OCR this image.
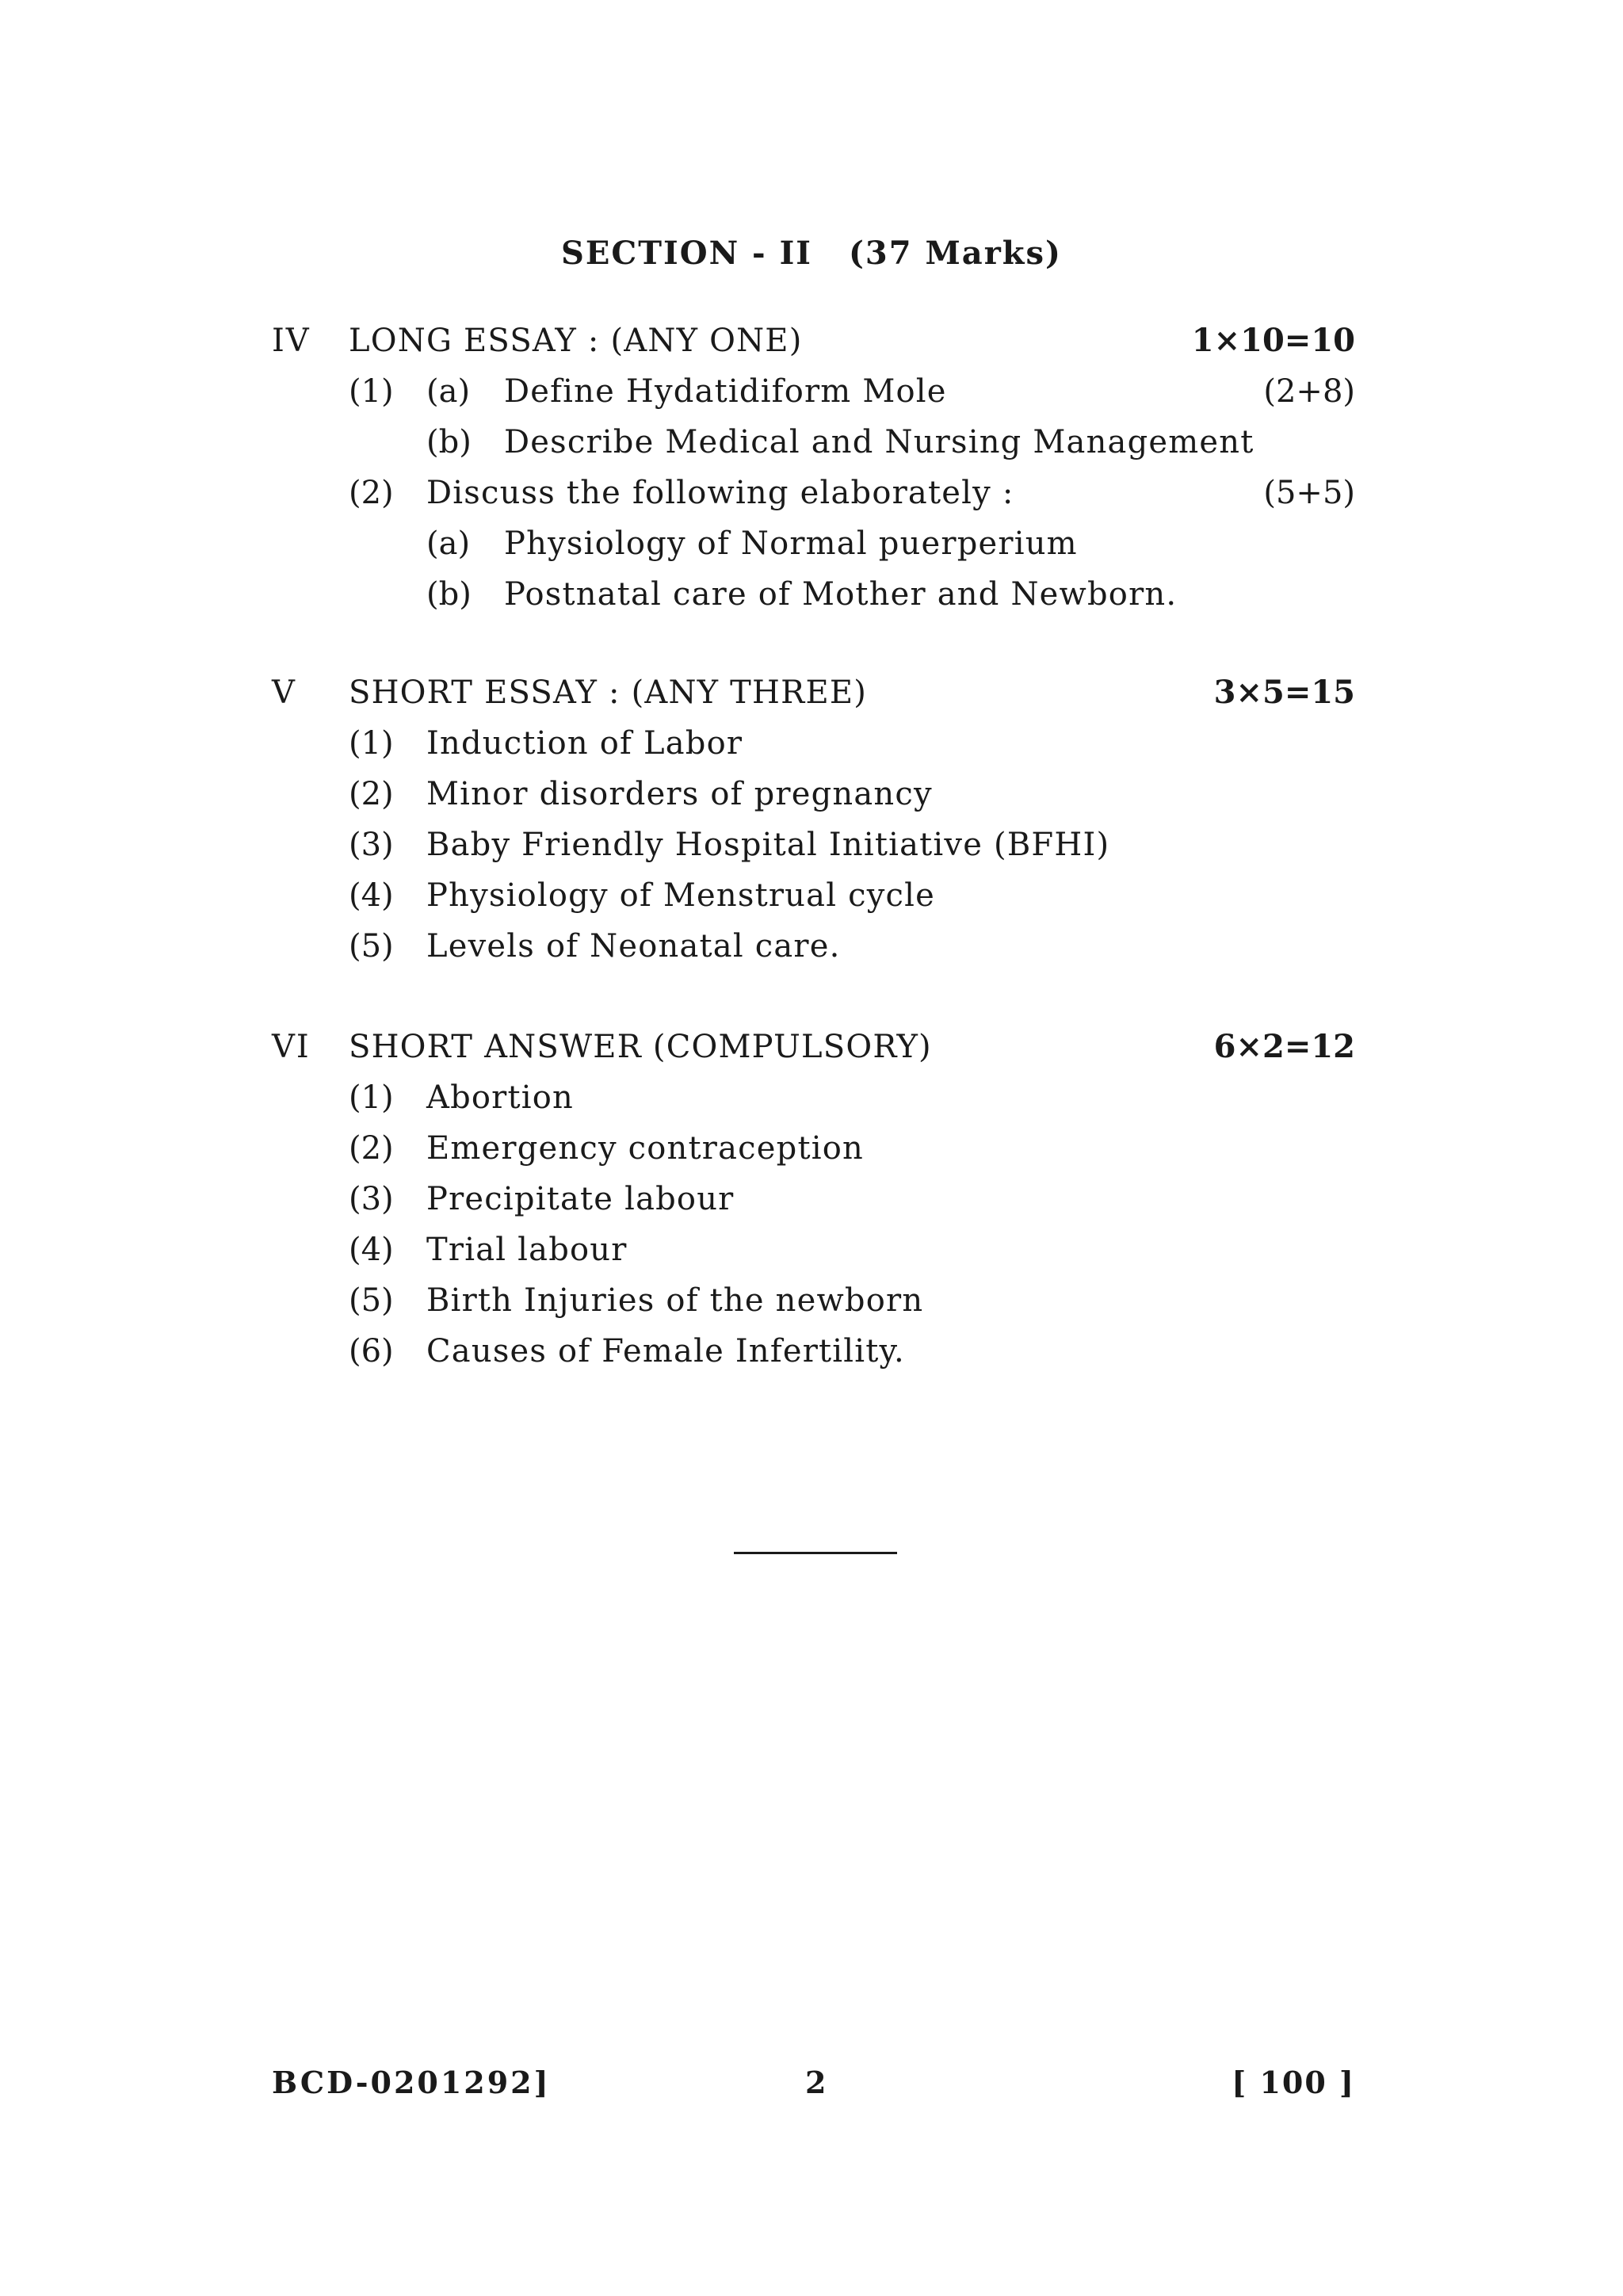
SECTION - II (37 Marks)
IV LONG ESSAY : (ANY ONE)	1×10=10
(1) (a) Define Hydatidiform Mole	(2+8)
(b) Describe Medical and Nursing Management
(2) Discuss the following elaborately :	(5+5)
(a) Physiology of Normal puerperium
(b) Postnatal care of Mother and Newborn.
V SHORT ESSAY : (ANY THREE)	3×5=15
(1) Induction of Labor
(2) Minor disorders of pregnancy
(3) Baby Friendly Hospital Initiative (BFHI)
(4) Physiology of Menstrual cycle
(5) Levels of Neonatal care.
VI SHORT ANSWER (COMPULSORY)	6×2=12
(1) Abortion
(2) Emergency contraception
(3) Precipitate labour
(4) Trial labour
(5) Birth Injuries of the newborn
(6) Causes of Female Infertility.
BCD-0201292]	2	[ 100 ]
